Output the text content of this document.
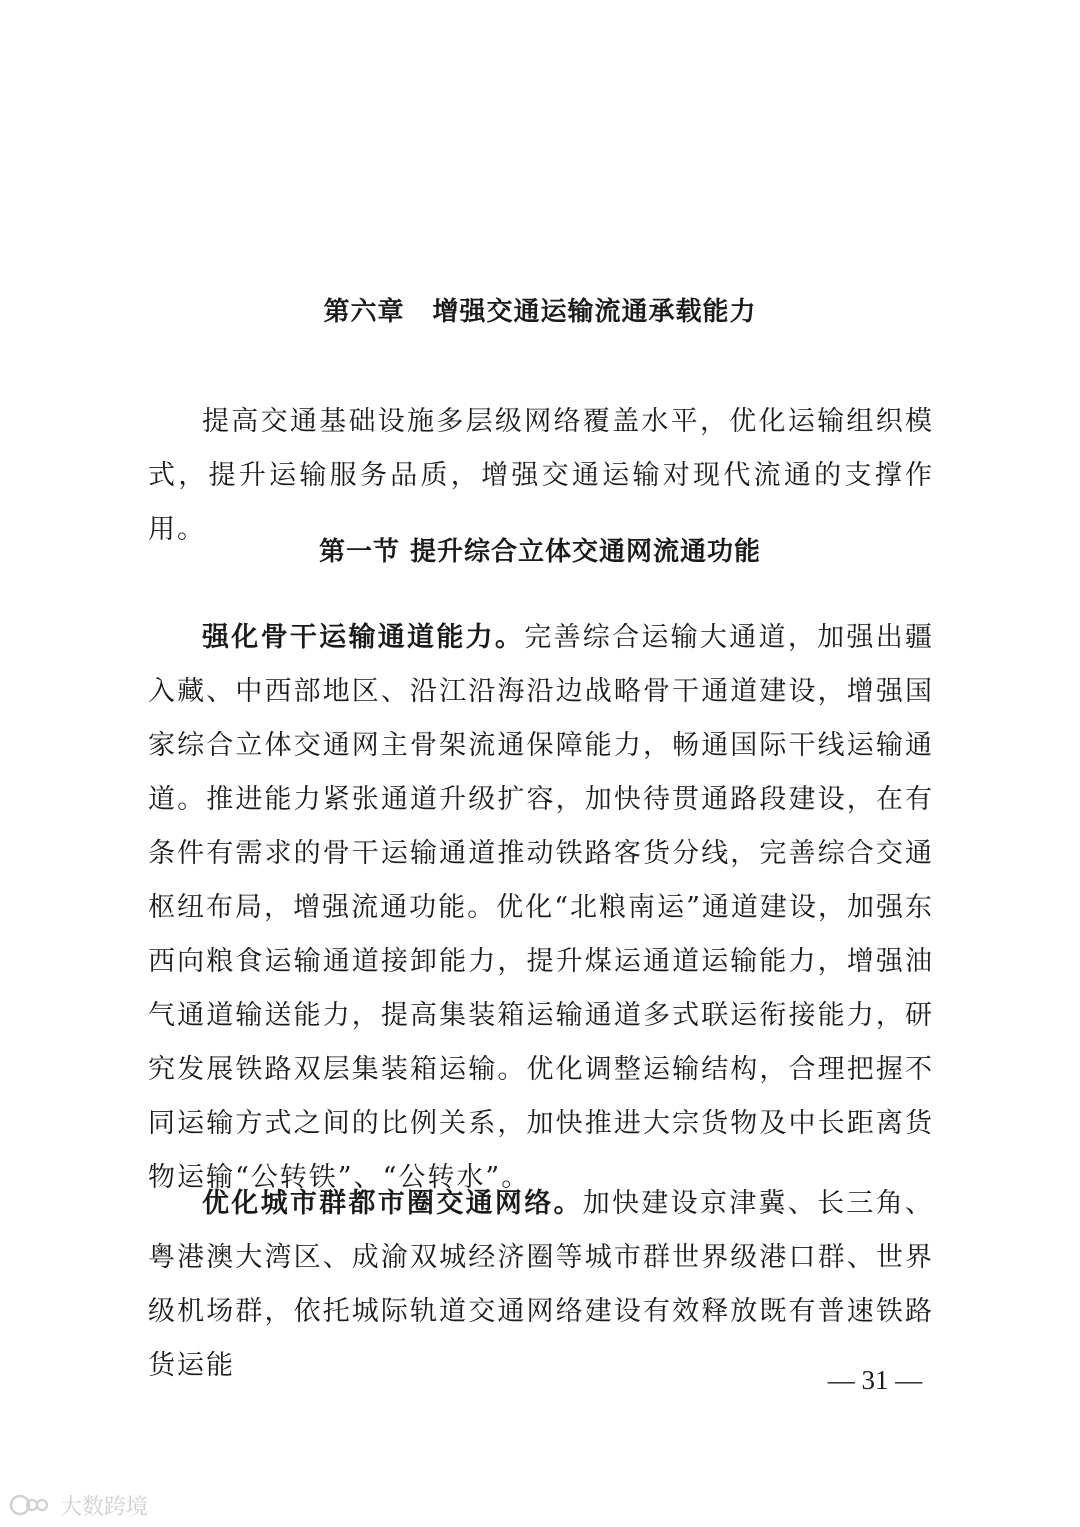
第六章 增强交通运输流通承载能力
提高交通基础设施多层级网络覆盖水平，优化运输组织模式，提升运输服务品质，增强交通运输对现代流通的支撑作用。
第一节 提升综合立体交通网流通功能
强化骨干运输通道能力。完善综合运输大通道，加强出疆入藏、中西部地区、沿江沿海沿边战略骨干通道建设，增强国家综合立体交通网主骨架流通保障能力，畅通国际干线运输通道。推进能力紧张通道升级扩容，加快待贯通路段建设，在有条件有需求的骨干运输通道推动铁路客货分线，完善综合交通枢纽布局，增强流通功能。优化“北粮南运”通道建设，加强东西向粮食运输通道接卸能力，提升煤运通道运输能力，增强油气通道输送能力，提高集装箱运输通道多式联运衔接能力，研究发展铁路双层集装箱运输。优化调整运输结构，合理把握不同运输方式之间的比例关系，加快推进大宗货物及中长距离货物运输“公转铁”、“公转水”。
优化城市群都市圈交通网络。加快建设京津冀、长三角、粤港澳大湾区、成渝双城经济圈等城市群世界级港口群、世界级机场群，依托城际轨道交通网络建设有效释放既有普速铁路货运能	— 31 —
大数跨境
